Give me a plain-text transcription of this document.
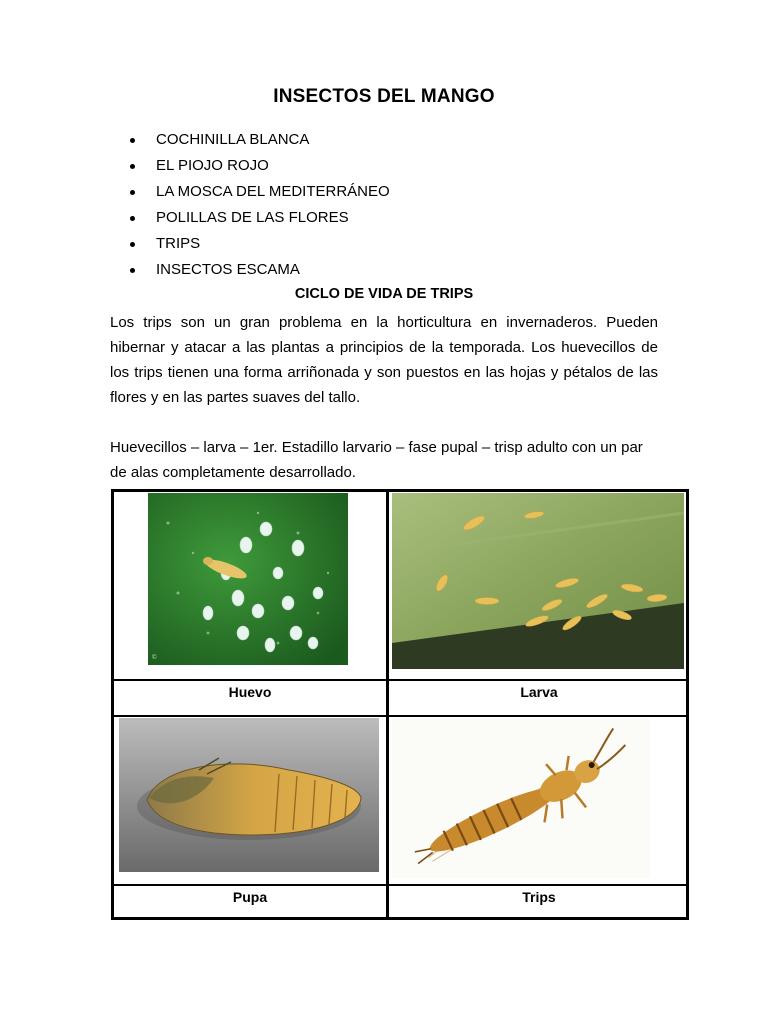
INSECTOS DEL MANGO
COCHINILLA BLANCA
EL PIOJO ROJO
LA MOSCA DEL MEDITERRÁNEO
POLILLAS DE LAS FLORES
TRIPS
INSECTOS ESCAMA
CICLO DE VIDA DE TRIPS

Los trips son un gran problema en la horticultura en invernaderos. Pueden hibernar y atacar a las plantas a principios de la temporada. Los huevecillos de los trips tienen una forma arriñonada y son puestos en las hojas y pétalos de las flores y en las partes suaves del tallo.

Huevecillos – larva – 1er. Estadillo larvario – fase pupal – trisp adulto con un par de alas completamente desarrollado.

©
Huevo	Larva
Pupa	Trips
